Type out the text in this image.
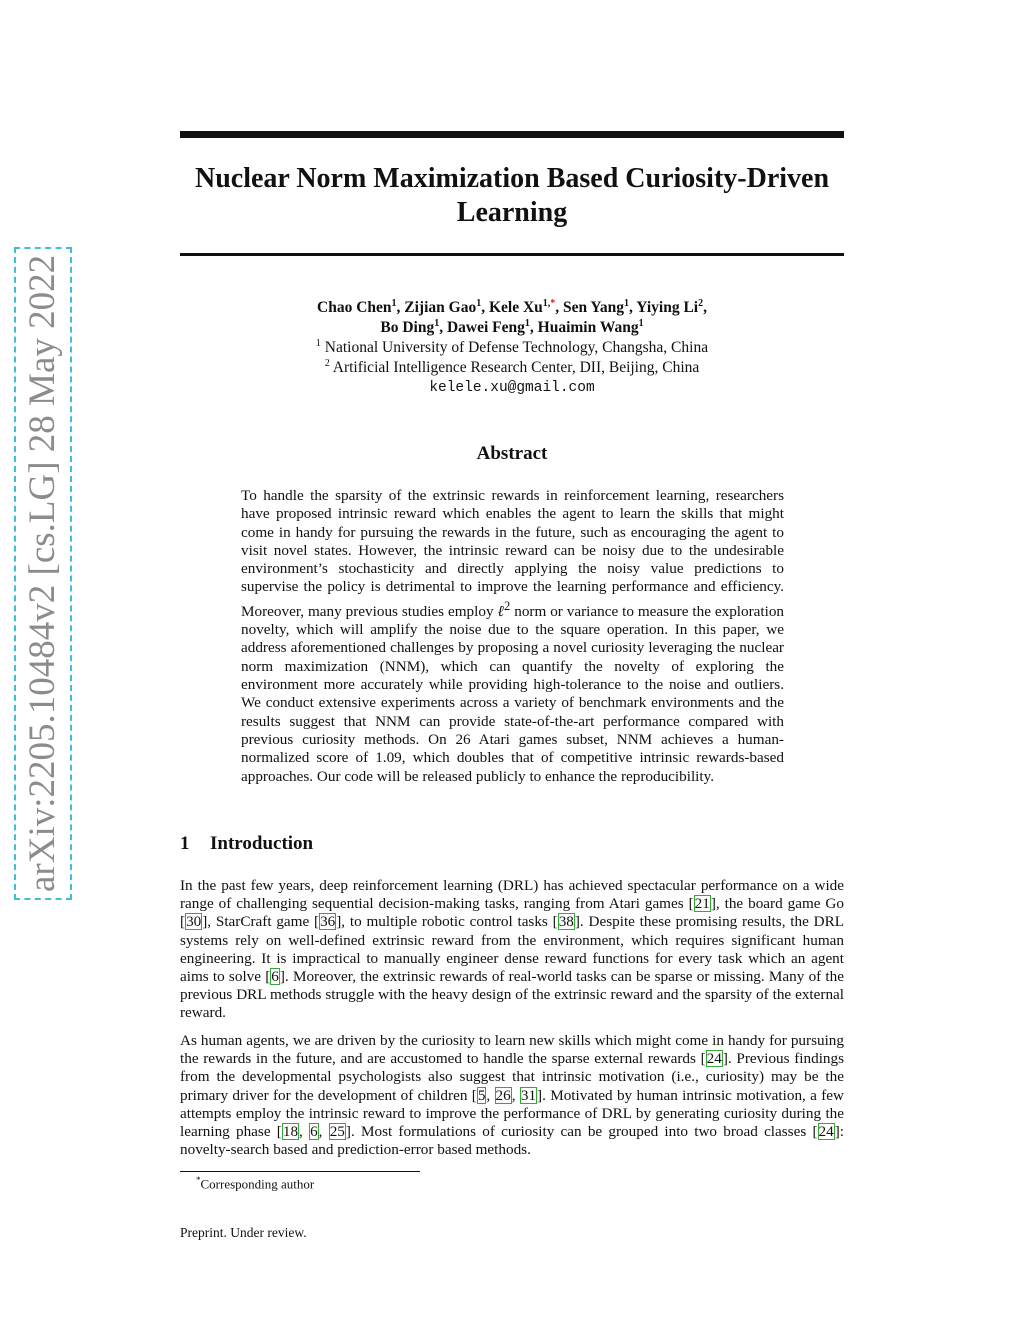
arXiv:2205.10484v2 [cs.LG] 28 May 2022
Nuclear Norm Maximization Based Curiosity-Driven Learning
Chao Chen$^1$, Zijian Gao$^1$, Kele $Xu^{1,*}$, Sen Yang$^1$, Yiying Li$^2$,
Bo Ding$^1$, Dawei Feng$^1$, Huaimin Wang$^1$
$^1$ National University of Defense Technology, Changsha, China
$^2$ Artificial Intelligence Research Center, DII, Beijing, China
kelele.xu@gmail.com
Abstract

To handle the sparsity of the extrinsic rewards in reinforcement learning, researchers have proposed intrinsic reward which enables the agent to learn the skills that might come in handy for pursuing the rewards in the future, such as encouraging the agent to visit novel states. However, the intrinsic reward can be noisy due to the undesirable environment’s stochasticity and directly applying the noisy value predictions to supervise the policy is detrimental to improve the learning performance and efficiency. Moreover, many previous studies employ ℓ$^2$ norm or variance to measure the exploration novelty, which will amplify the noise due to the square operation. In this paper, we address aforementioned challenges by proposing a novel curiosity leveraging the nuclear norm maximization (NNM), which can quantify the novelty of exploring the environment more accurately while providing high-tolerance to the noise and outliers. We conduct extensive experiments across a variety of benchmark environments and the results suggest that NNM can provide state-of-the-art performance compared with previous curiosity methods. On 26 Atari games subset, NNM achieves a human-normalized score of 1.09, which doubles that of competitive intrinsic rewards-based approaches. Our code will be released publicly to enhance the reproducibility.

1 Introduction

In the past few years, deep reinforcement learning (DRL) has achieved spectacular performance on a wide range of challenging sequential decision-making tasks, ranging from Atari games [21], the board game Go [30], StarCraft game [36], to multiple robotic control tasks [38]. Despite these promising results, the DRL systems rely on well-defined extrinsic reward from the environment, which requires significant human engineering. It is impractical to manually engineer dense reward functions for every task which an agent aims to solve [6]. Moreover, the extrinsic rewards of real-world tasks can be sparse or missing. Many of the previous DRL methods struggle with the heavy design of the extrinsic reward and the sparsity of the external reward.

As human agents, we are driven by the curiosity to learn new skills which might come in handy for pursuing the rewards in the future, and are accustomed to handle the sparse external rewards [24]. Previous findings from the developmental psychologists also suggest that intrinsic motivation (i.e., curiosity) may be the primary driver for the development of children [5, 26, 31]. Motivated by human intrinsic motivation, a few attempts employ the intrinsic reward to improve the performance of DRL by generating curiosity during the learning phase [18, 6, 25]. Most formulations of curiosity can be grouped into two broad classes [24]: novelty-search based and prediction-error based methods.

*Corresponding author

Preprint. Under review.
